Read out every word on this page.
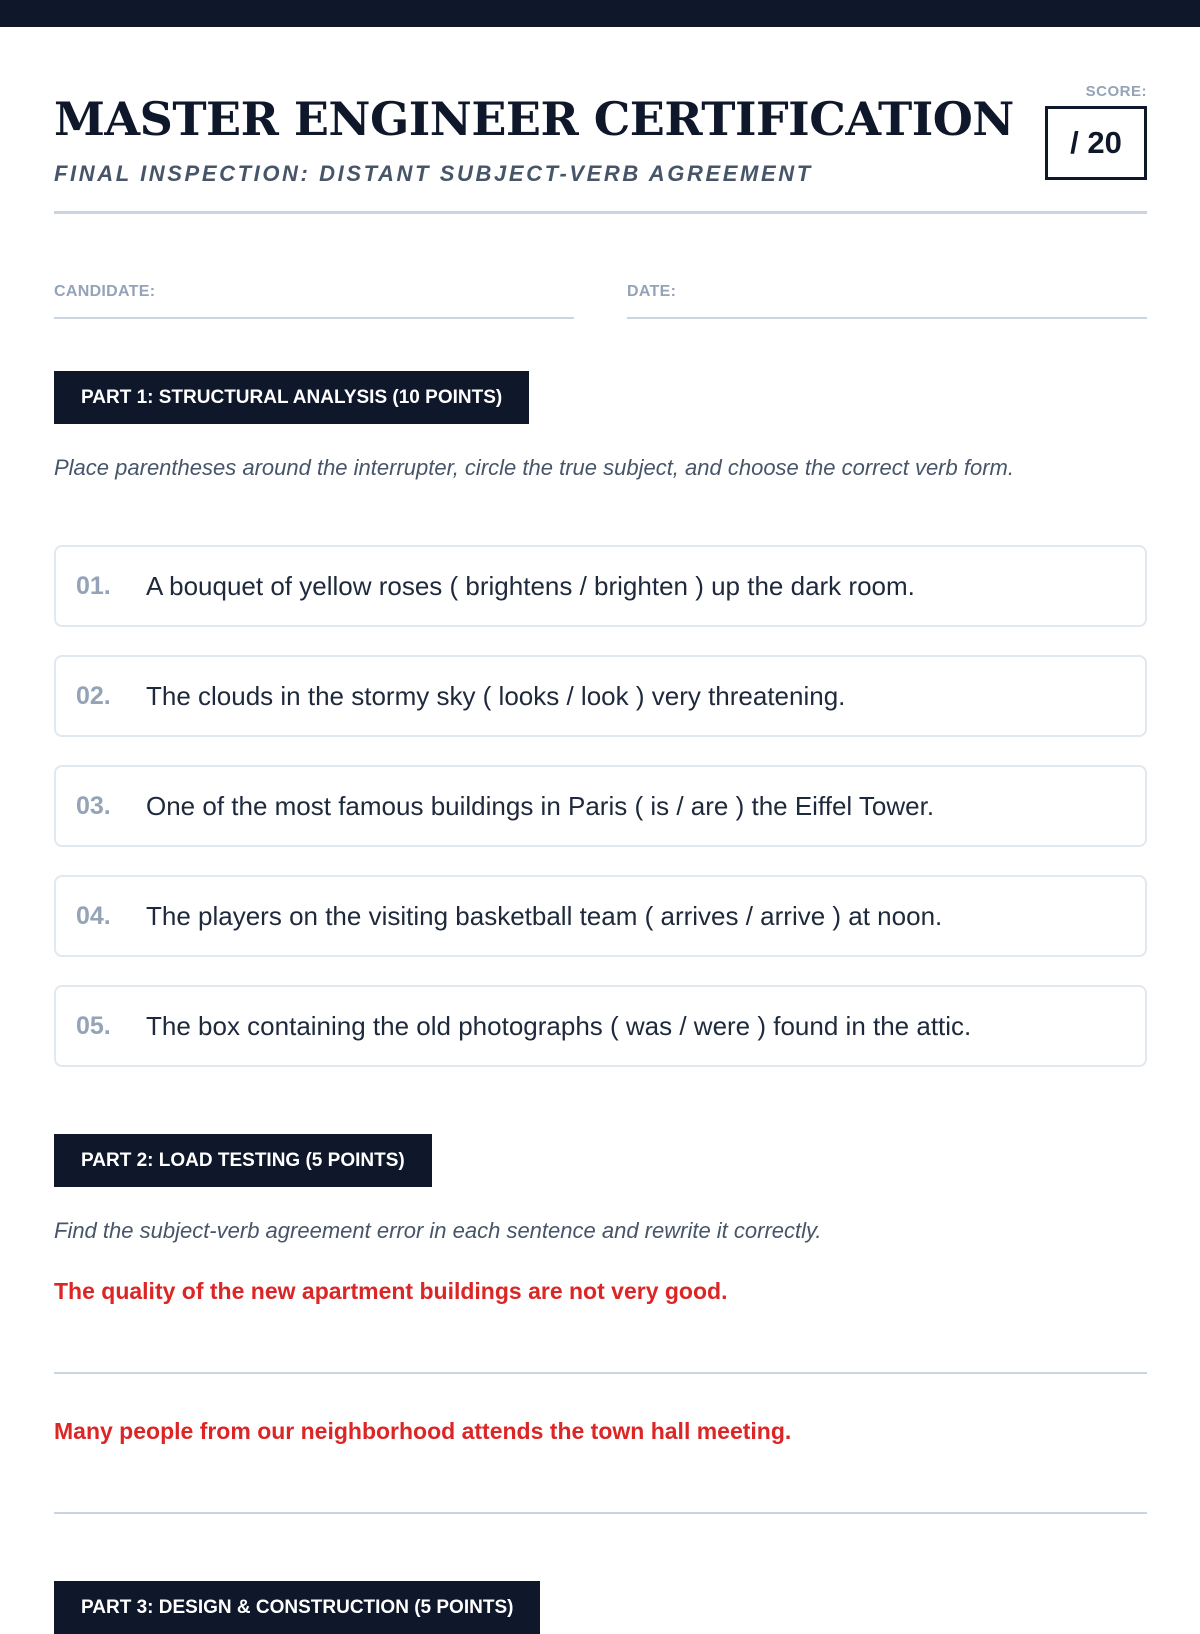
MASTER ENGINEER CERTIFICATION
FINAL INSPECTION: DISTANT SUBJECT-VERB AGREEMENT
SCORE:
/ 20
CANDIDATE:	DATE:
PART 1: STRUCTURAL ANALYSIS (10 POINTS)

Place parentheses around the interrupter, circle the true subject, and choose the correct verb form.

01.	A bouquet of yellow roses ( brightens / brighten ) up the dark room.
02.	The clouds in the stormy sky ( looks / look ) very threatening.
03.	One of the most famous buildings in Paris ( is / are ) the Eiffel Tower.
04.	The players on the visiting basketball team ( arrives / arrive ) at noon.
05.	The box containing the old photographs ( was / were ) found in the attic.
PART 2: LOAD TESTING (5 POINTS)

Find the subject-verb agreement error in each sentence and rewrite it correctly.

The quality of the new apartment buildings are not very good.
Many people from our neighborhood attends the town hall meeting.
PART 3: DESIGN & CONSTRUCTION (5 POINTS)
